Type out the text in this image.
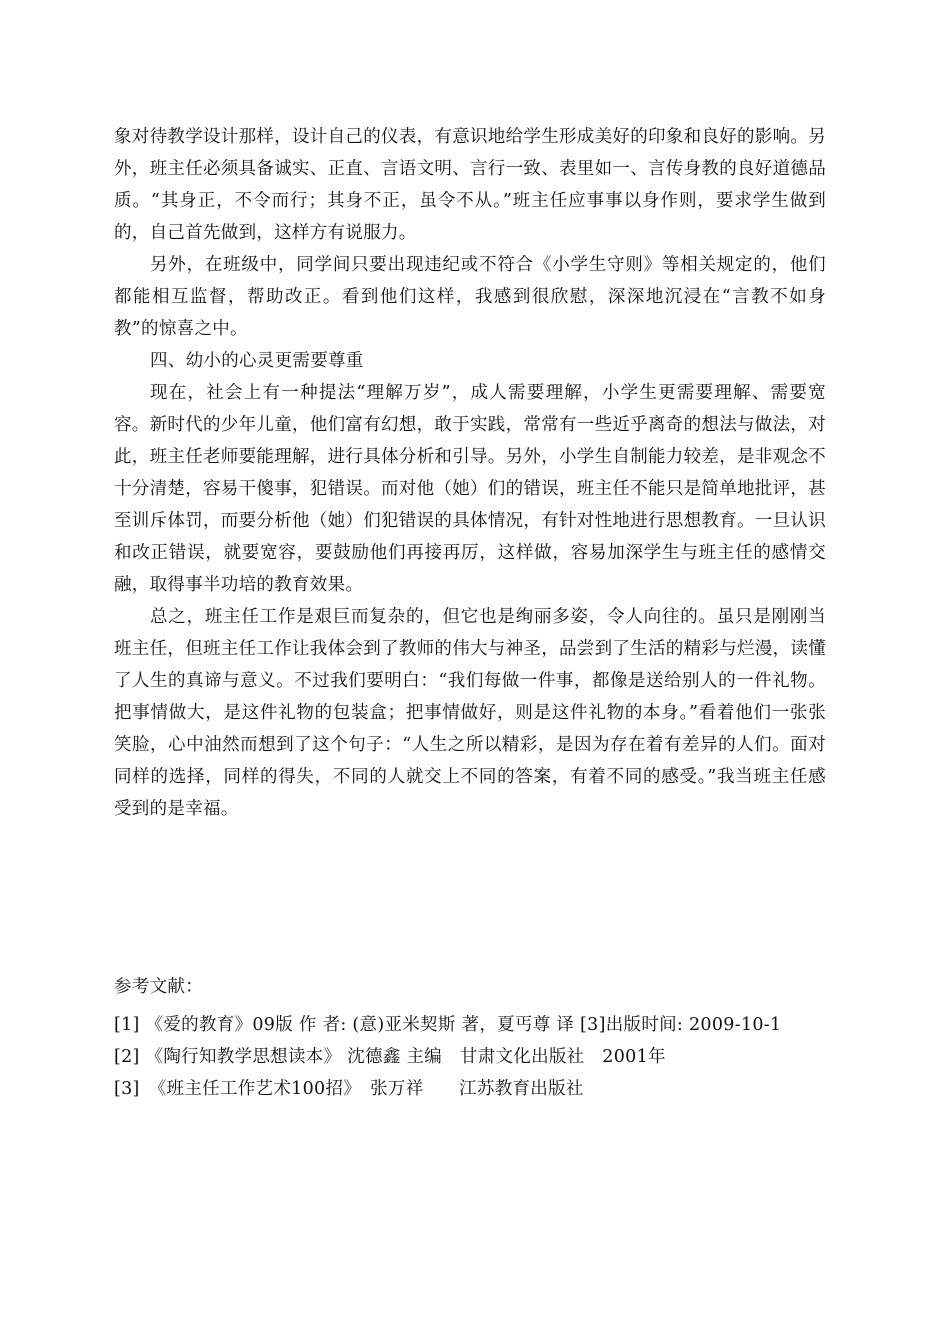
象对待教学设计那样，设计自己的仪表，有意识地给学生形成美好的印象和良好的影响。另外，班主任必须具备诚实、正直、言语文明、言行一致、表里如一、言传身教的良好道德品质。“其身正，不令而行；其身不正，虽令不从。”班主任应事事以身作则，要求学生做到的，自己首先做到，这样方有说服力。

另外，在班级中，同学间只要出现违纪或不符合《小学生守则》等相关规定的，他们都能相互监督，帮助改正。看到他们这样，我感到很欣慰，深深地沉浸在“言教不如身教”的惊喜之中。

四、幼小的心灵更需要尊重

现在，社会上有一种提法“理解万岁”，成人需要理解，小学生更需要理解、需要宽容。新时代的少年儿童，他们富有幻想，敢于实践，常常有一些近乎离奇的想法与做法，对此，班主任老师要能理解，进行具体分析和引导。另外，小学生自制能力较差，是非观念不十分清楚，容易干傻事，犯错误。而对他（她）们的错误，班主任不能只是简单地批评，甚至训斥体罚，而要分析他（她）们犯错误的具体情况，有针对性地进行思想教育。一旦认识和改正错误，就要宽容，要鼓励他们再接再厉，这样做，容易加深学生与班主任的感情交融，取得事半功培的教育效果。

总之，班主任工作是艰巨而复杂的，但它也是绚丽多姿，令人向往的。虽只是刚刚当班主任，但班主任工作让我体会到了教师的伟大与神圣，品尝到了生活的精彩与烂漫，读懂了人生的真谛与意义。不过我们要明白：“我们每做一件事，都像是送给别人的一件礼物。把事情做大，是这件礼物的包装盒；把事情做好，则是这件礼物的本身。”看着他们一张张笑脸，心中油然而想到了这个句子：“人生之所以精彩，是因为存在着有差异的人们。面对同样的选择，同样的得失，不同的人就交上不同的答案，有着不同的感受。”我当班主任感受到的是幸福。

参考文献：

[1] 《爱的教育》09版 作 者: (意)亚米契斯 著，夏丐尊 译 [3]出版时间: 2009-10-1

[2] 《陶行知教学思想读本》 沈德鑫 主编　甘肃文化出版社　2001年

[3]　《班主任工作艺术100招》　张万祥　　江苏教育出版社
